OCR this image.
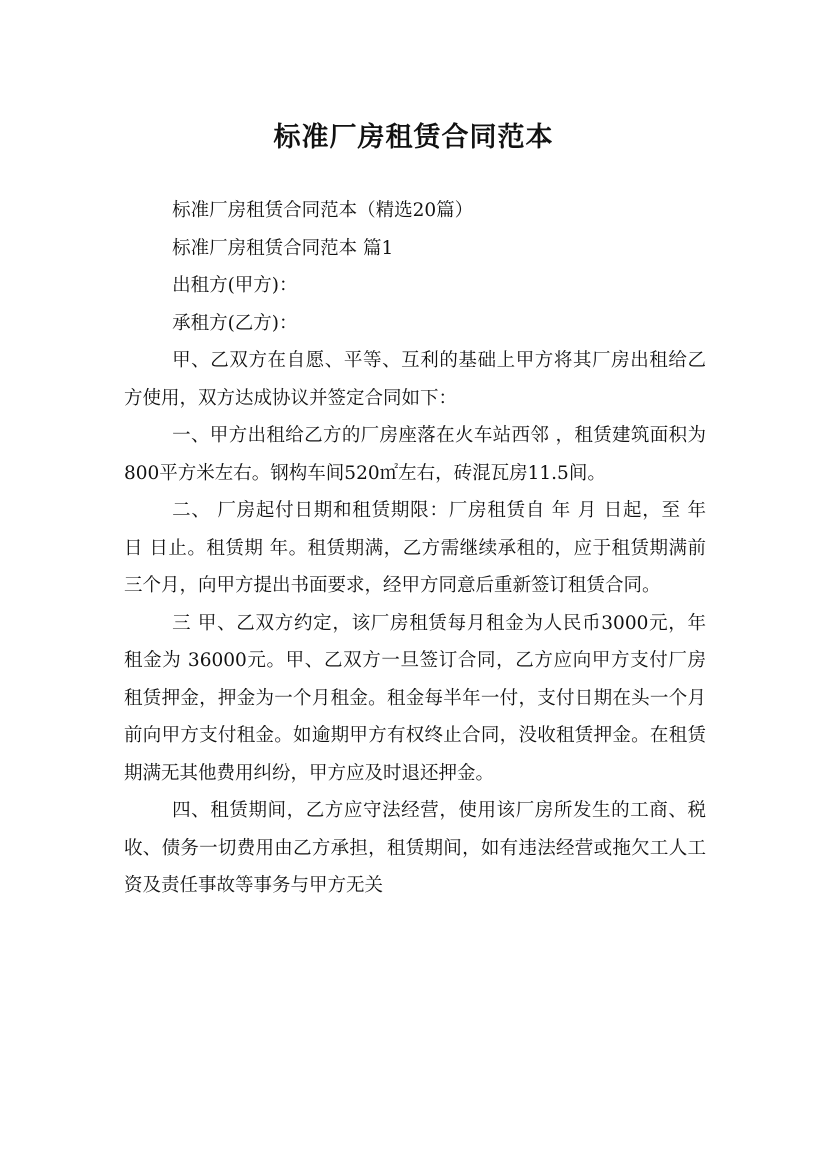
标准厂房租赁合同范本

标准厂房租赁合同范本（精选20篇）

标准厂房租赁合同范本 篇1

出租方(甲方)：

承租方(乙方)：

甲、乙双方在自愿、平等、互利的基础上甲方将其厂房出租给乙方使用，双方达成协议并签定合同如下：

一、甲方出租给乙方的厂房座落在火车站西邻 ，租赁建筑面积为 800平方米左右。钢构车间520㎡左右，砖混瓦房11.5间。

二、 厂房起付日期和租赁期限：厂房租赁自 年 月 日起，至 年 日 日止。租赁期 年。租赁期满，乙方需继续承租的，应于租赁期满前三个月，向甲方提出书面要求，经甲方同意后重新签订租赁合同。

三 甲、乙双方约定，该厂房租赁每月租金为人民币3000元，年租金为 36000元。甲、乙双方一旦签订合同，乙方应向甲方支付厂房租赁押金，押金为一个月租金。租金每半年一付，支付日期在头一个月前向甲方支付租金。如逾期甲方有权终止合同，没收租赁押金。在租赁期满无其他费用纠纷，甲方应及时退还押金。

四、租赁期间，乙方应守法经营，使用该厂房所发生的工商、税收、债务一切费用由乙方承担，租赁期间，如有违法经营或拖欠工人工资及责任事故等事务与甲方无关
